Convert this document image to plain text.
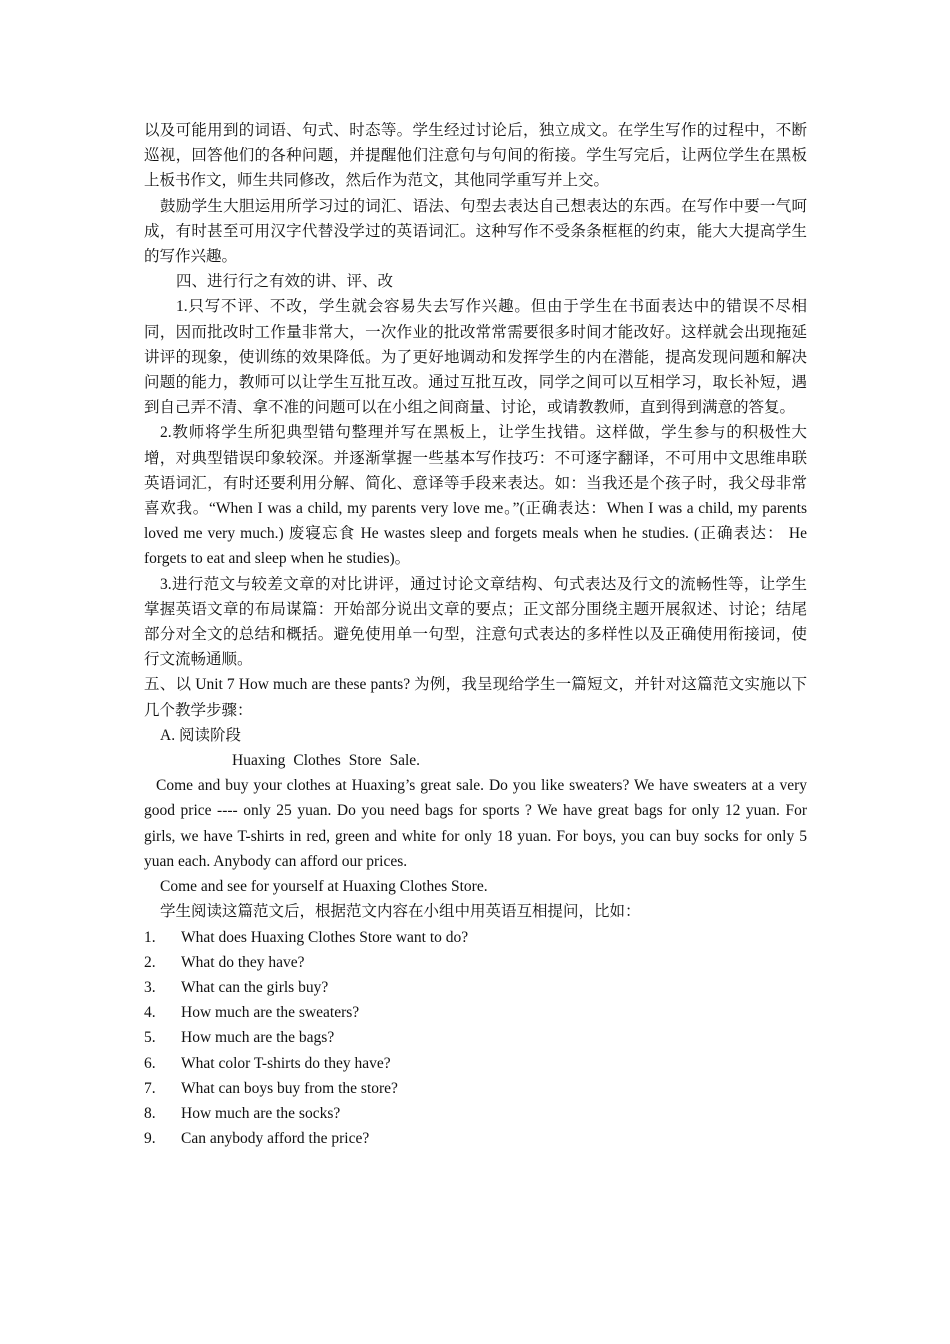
以及可能用到的词语、句式、时态等。学生经过讨论后，独立成文。在学生写作的过程中，不断巡视，回答他们的各种问题，并提醒他们注意句与句间的衔接。学生写完后，让两位学生在黑板上板书作文，师生共同修改，然后作为范文，其他同学重写并上交。

鼓励学生大胆运用所学习过的词汇、语法、句型去表达自己想表达的东西。在写作中要一气呵成，有时甚至可用汉字代替没学过的英语词汇。这种写作不受条条框框的约束，能大大提高学生的写作兴趣。

四、进行行之有效的讲、评、改

1.只写不评、不改，学生就会容易失去写作兴趣。但由于学生在书面表达中的错误不尽相同，因而批改时工作量非常大，一次作业的批改常常需要很多时间才能改好。这样就会出现拖延讲评的现象，使训练的效果降低。为了更好地调动和发挥学生的内在潜能，提高发现问题和解决问题的能力，教师可以让学生互批互改。通过互批互改，同学之间可以互相学习，取长补短，遇到自己弄不清、拿不准的问题可以在小组之间商量、讨论，或请教教师，直到得到满意的答复。

2.教师将学生所犯典型错句整理并写在黑板上，让学生找错。这样做，学生参与的积极性大增，对典型错误印象较深。并逐渐掌握一些基本写作技巧：不可逐字翻译，不可用中文思维串联英语词汇，有时还要利用分解、简化、意译等手段来表达。如：当我还是个孩子时，我父母非常喜欢我。“When I was a child, my parents very love me。”(正确表达：When I was a child, my parents loved me very much.) 废寝忘食 He wastes sleep and forgets meals when he studies. (正确表达： He forgets to eat and sleep when he studies)。

3.进行范文与较差文章的对比讲评，通过讨论文章结构、句式表达及行文的流畅性等，让学生掌握英语文章的布局谋篇：开始部分说出文章的要点；正文部分围绕主题开展叙述、讨论；结尾部分对全文的总结和概括。避免使用单一句型，注意句式表达的多样性以及正确使用衔接词，使行文流畅通顺。

五、以 Unit 7 How much are these pants? 为例，我呈现给学生一篇短文，并针对这篇范文实施以下几个教学步骤：

A. 阅读阶段

Huaxing Clothes Store Sale.

Come and buy your clothes at Huaxing’s great sale. Do you like sweaters? We have sweaters at a very good price ---- only 25 yuan. Do you need bags for sports ? We have great bags for only 12 yuan. For girls, we have T-shirts in red, green and white for only 18 yuan. For boys, you can buy socks for only 5 yuan each. Anybody can afford our prices.

Come and see for yourself at Huaxing Clothes Store.

学生阅读这篇范文后，根据范文内容在小组中用英语互相提问，比如：

1.	What does Huaxing Clothes Store want to do?

2.	What do they have?

3.	What can the girls buy?

4.	How much are the sweaters?

5.	How much are the bags?

6.	What color T-shirts do they have?

7.	What can boys buy from the store?

8.	How much are the socks?

9.	Can anybody afford the price?
